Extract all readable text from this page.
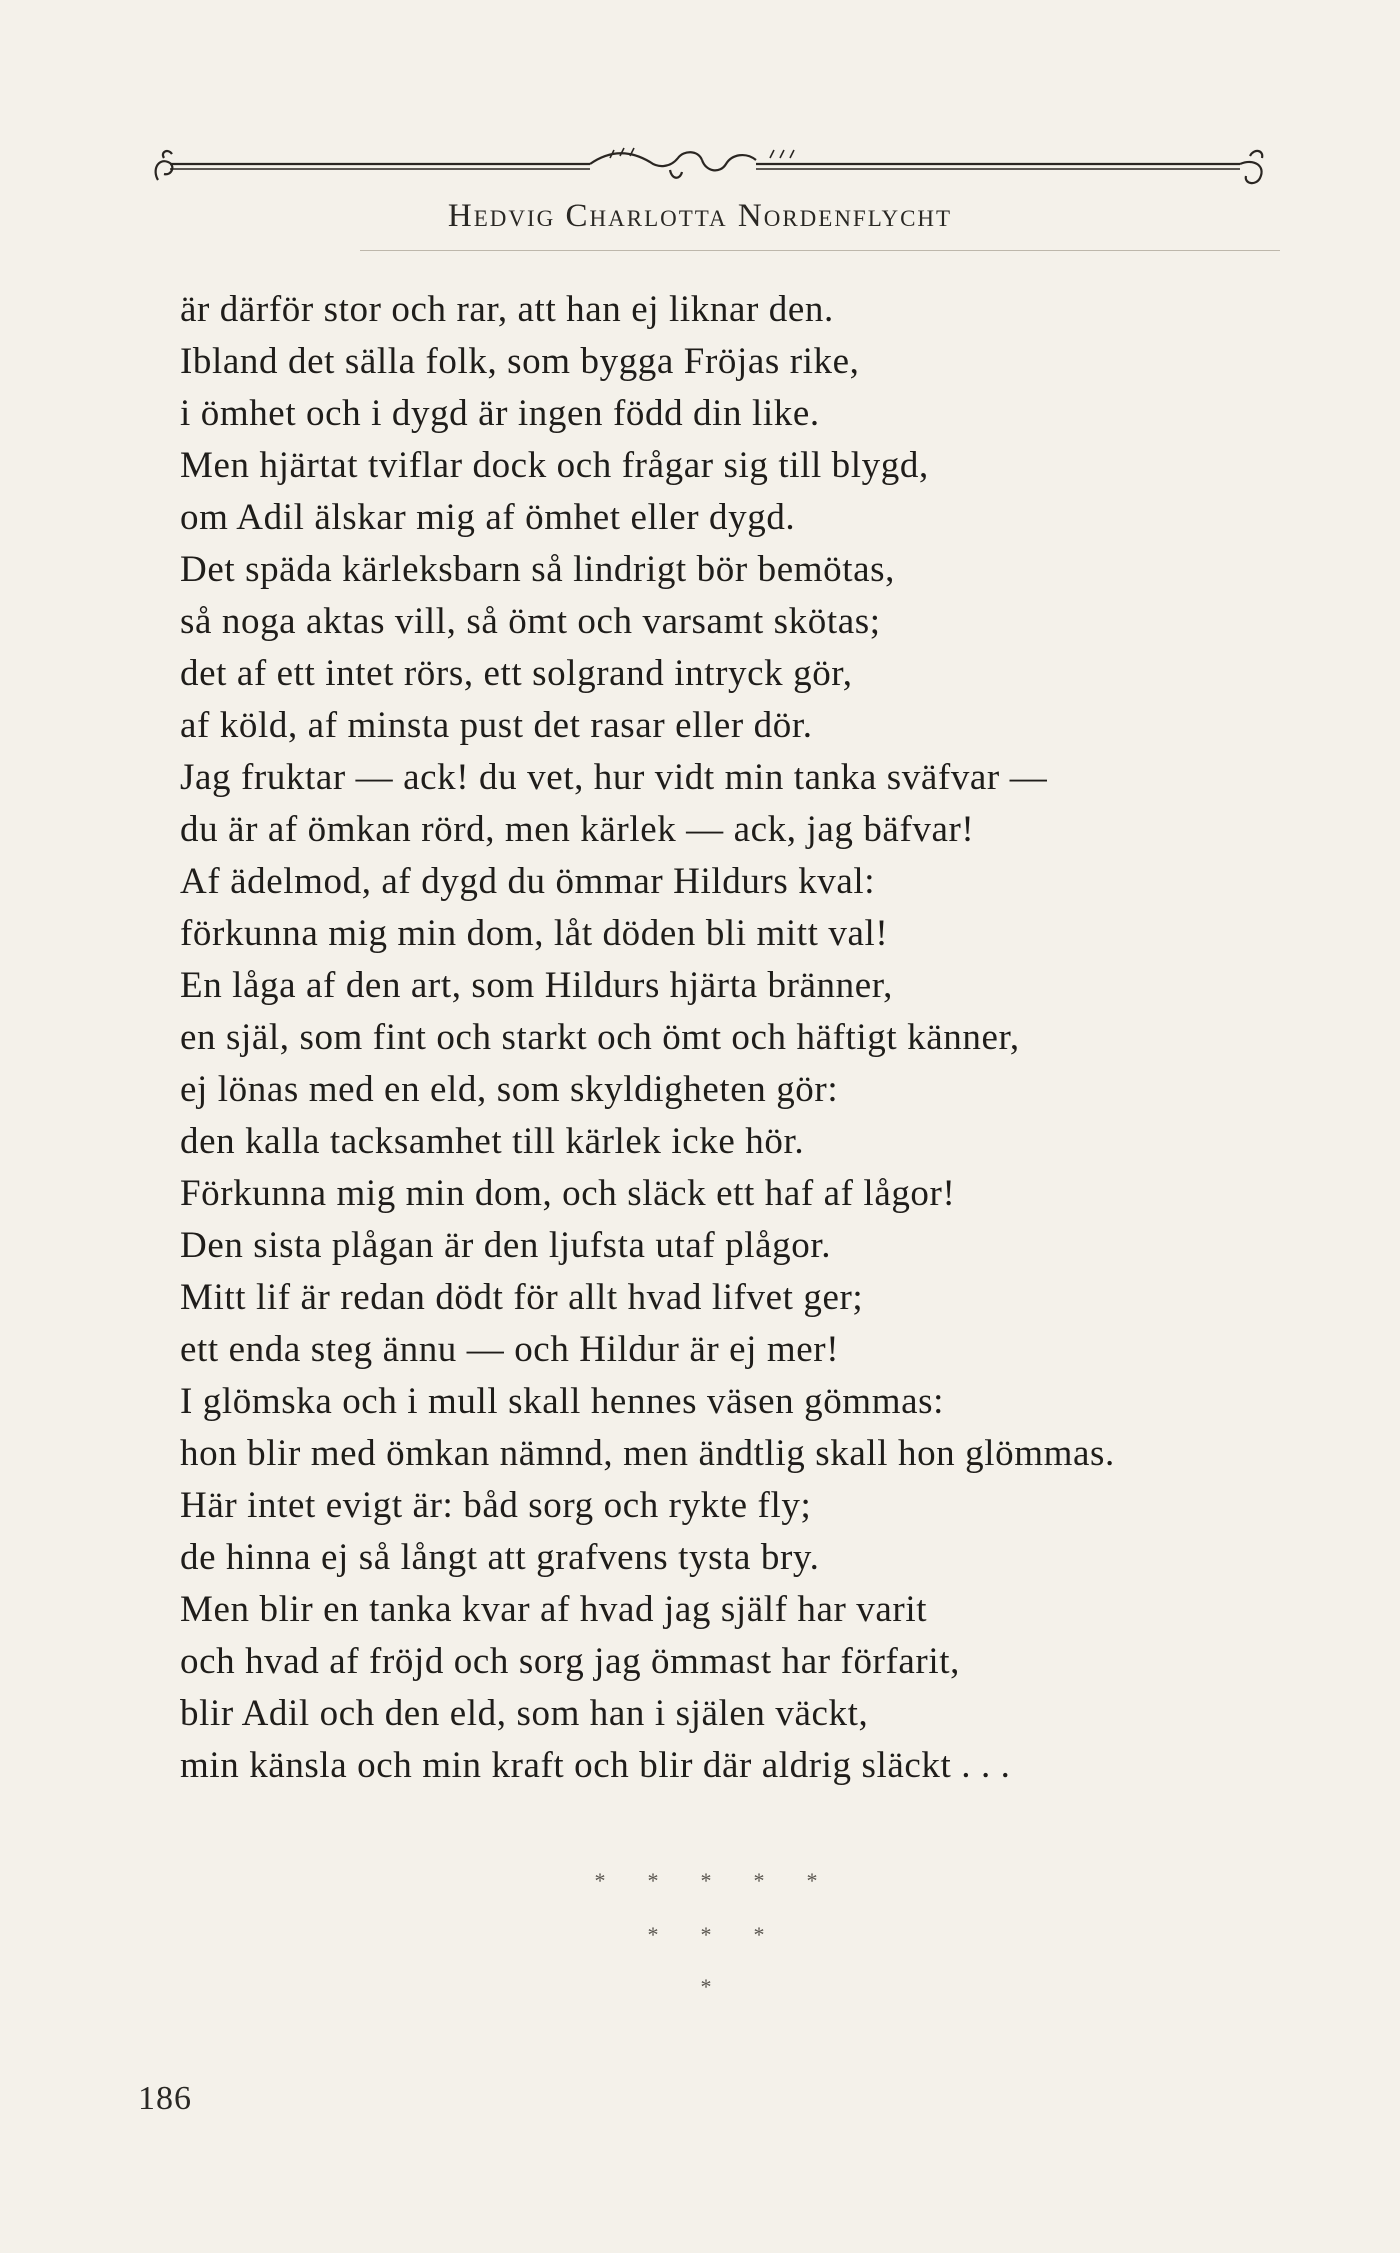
Hedvig Charlotta Nordenflycht
är därför stor och rar, att han ej liknar den.
Ibland det sälla folk, som bygga Fröjas rike,
i ömhet och i dygd är ingen född din like.
Men hjärtat tviflar dock och frågar sig till blygd,
om Adil älskar mig af ömhet eller dygd.
Det späda kärleksbarn så lindrigt bör bemötas,
så noga aktas vill, så ömt och varsamt skötas;
det af ett intet rörs, ett solgrand intryck gör,
af köld, af minsta pust det rasar eller dör.
Jag fruktar — ack! du vet, hur vidt min tanka sväfvar —
du är af ömkan rörd, men kärlek — ack, jag bäfvar!
Af ädelmod, af dygd du ömmar Hildurs kval:
förkunna mig min dom, låt döden bli mitt val!
En låga af den art, som Hildurs hjärta bränner,
en själ, som fint och starkt och ömt och häftigt känner,
ej lönas med en eld, som skyldigheten gör:
den kalla tacksamhet till kärlek icke hör.
Förkunna mig min dom, och släck ett haf af lågor!
Den sista plågan är den ljufsta utaf plågor.
Mitt lif är redan dödt för allt hvad lifvet ger;
ett enda steg ännu — och Hildur är ej mer!
I glömska och i mull skall hennes väsen gömmas:
hon blir med ömkan nämnd, men ändtlig skall hon glömmas.
Här intet evigt är: båd sorg och rykte fly;
de hinna ej så långt att grafvens tysta bry.
Men blir en tanka kvar af hvad jag själf har varit
och hvad af fröjd och sorg jag ömmast har förfarit,
blir Adil och den eld, som han i själen väckt,
min känsla och min kraft och blir där aldrig släckt . . .
* * * * *
* * *
*
186
